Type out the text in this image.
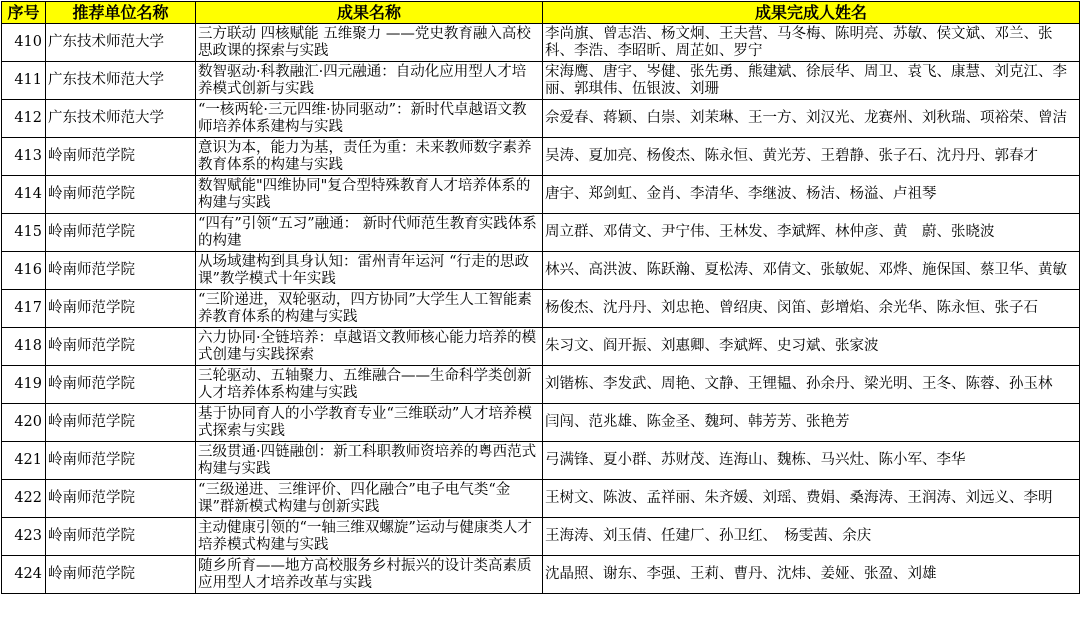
序号	推荐单位名称	成果名称	成果完成人姓名
410	广东技术师范大学	三方联动 四核赋能 五维聚力 ——党史教育融入高校思政课的探索与实践	李尚旗、曾志浩、杨文炯、王夫营、马冬梅、陈明亮、苏敏、侯文斌、邓兰、张科、李浩、李昭昕、周芷如、罗宁
411	广东技术师范大学	数智驱动·科教融汇·四元融通：自动化应用型人才培养模式创新与实践	宋海鹰、唐宇、岑健、张先勇、熊建斌、徐辰华、周卫、袁飞、康慧、刘克江、李丽、郭琪伟、伍银波、刘珊
412	广东技术师范大学	“一核两轮·三元四维·协同驱动”：新时代卓越语文教师培养体系建构与实践	佘爱春、蒋颖、白崇、刘茉琳、王一方、刘汉光、龙赛州、刘秋瑞、项裕荣、曾洁
413	岭南师范学院	意识为本，能力为基，责任为重：未来教师数字素养教育体系的构建与实践	吴涛、夏加亮、杨俊杰、陈永恒、黄光芳、王碧静、张子石、沈丹丹、郭春才
414	岭南师范学院	数智赋能"四维协同"复合型特殊教育人才培养体系的构建与实践	唐宇、郑剑虹、金肖、李清华、李继波、杨洁、杨溢、卢祖琴
415	岭南师范学院	“四有”引领“五习”融通： 新时代师范生教育实践体系的构建	周立群、邓倩文、尹宁伟、王林发、李斌辉、林仲彦、黄　蔚、张晓波
416	岭南师范学院	从场域建构到具身认知：雷州青年运河 “行走的思政课”教学模式十年实践	林兴、高洪波、陈跃瀚、夏松涛、邓倩文、张敏妮、邓烨、施保国、蔡卫华、黄敏
417	岭南师范学院	“三阶递进，双轮驱动，四方协同”大学生人工智能素养教育体系的构建与实践	杨俊杰、沈丹丹、刘忠艳、曾绍庚、闵笛、彭增焰、余光华、陈永恒、张子石
418	岭南师范学院	六力协同·全链培养：卓越语文教师核心能力培养的模式创建与实践探索	朱习文、阎开振、刘惠卿、李斌辉、史习斌、张家波
419	岭南师范学院	三轮驱动、五轴聚力、五维融合——生命科学类创新人才培养体系构建与实践	刘锴栋、李发武、周艳、文静、王锂韫、孙余丹、梁光明、王冬、陈蓉、孙玉林
420	岭南师范学院	基于协同育人的小学教育专业“三维联动”人才培养模式探索与实践	闫闯、范兆雄、陈金圣、魏珂、韩芳芳、张艳芳
421	岭南师范学院	三级贯通·四链融创：新工科职教师资培养的粤西范式构建与实践	弓满锋、夏小群、苏财茂、连海山、魏栋、马兴灶、陈小军、李华
422	岭南师范学院	“三级递进、三维评价、四化融合”电子电气类“金课”群新模式构建与创新实践	王树文、陈波、孟祥丽、朱齐媛、刘瑶、费娟、桑海涛、王润涛、刘远义、李明
423	岭南师范学院	主动健康引领的“一轴三维双螺旋”运动与健康类人才培养模式构建与实践	王海涛、刘玉倩、任建厂、孙卫红、　杨雯茜、余庆
424	岭南师范学院	随乡所育——地方高校服务乡村振兴的设计类高素质应用型人才培养改革与实践	沈晶照、谢东、李强、王莉、曹丹、沈炜、姜娅、张盈、刘雄
